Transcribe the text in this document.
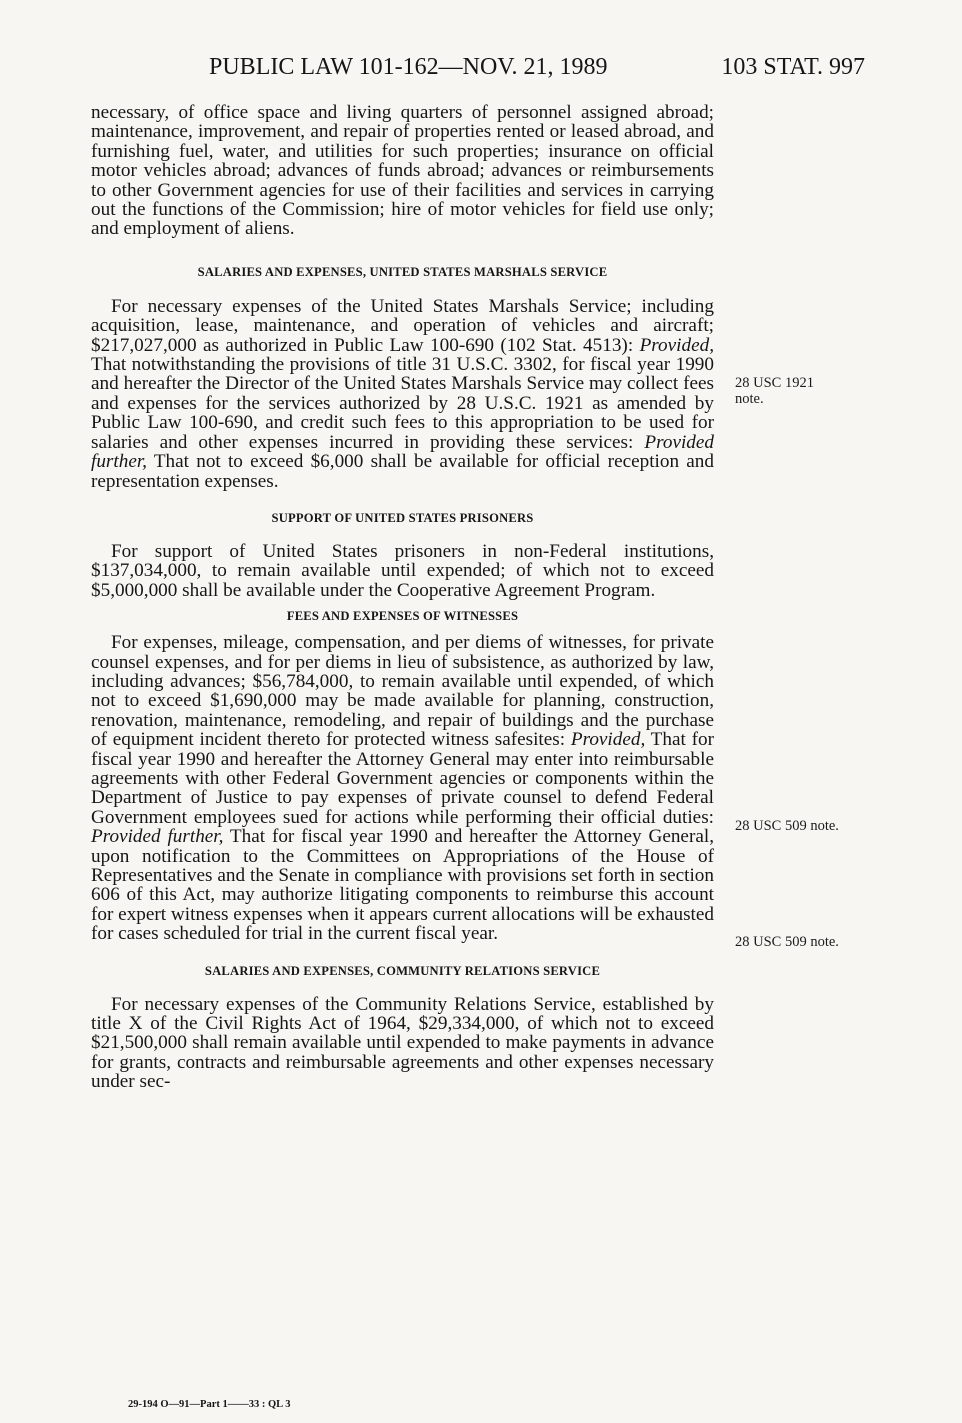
PUBLIC LAW 101-162—NOV. 21, 1989	103 STAT. 997

necessary, of office space and living quarters of personnel assigned abroad; maintenance, improvement, and repair of properties rented or leased abroad, and furnishing fuel, water, and utilities for such properties; insurance on official motor vehicles abroad; advances of funds abroad; advances or reimbursements to other Government agencies for use of their facilities and services in carrying out the functions of the Commission; hire of motor vehicles for field use only; and employment of aliens.

SALARIES AND EXPENSES, UNITED STATES MARSHALS SERVICE

For necessary expenses of the United States Marshals Service; including acquisition, lease, maintenance, and operation of vehicles and aircraft; $217,027,000 as authorized in Public Law 100-690 (102 Stat. 4513): Provided, That notwithstanding the provisions of title 31 U.S.C. 3302, for fiscal year 1990 and hereafter the Director of the United States Marshals Service may collect fees and expenses for the services authorized by 28 U.S.C. 1921 as amended by Public Law 100-690, and credit such fees to this appropriation to be used for salaries and other expenses incurred in providing these services: Provided further, That not to exceed $6,000 shall be available for official reception and representation expenses.

SUPPORT OF UNITED STATES PRISONERS

For support of United States prisoners in non-Federal institutions, $137,034,000, to remain available until expended; of which not to exceed $5,000,000 shall be available under the Cooperative Agreement Program.

FEES AND EXPENSES OF WITNESSES

For expenses, mileage, compensation, and per diems of witnesses, for private counsel expenses, and for per diems in lieu of subsistence, as authorized by law, including advances; $56,784,000, to remain available until expended, of which not to exceed $1,690,000 may be made available for planning, construction, renovation, maintenance, remodeling, and repair of buildings and the purchase of equipment incident thereto for protected witness safesites: Provided, That for fiscal year 1990 and hereafter the Attorney General may enter into reimbursable agreements with other Federal Government agencies or components within the Department of Justice to pay expenses of private counsel to defend Federal Government employees sued for actions while performing their official duties: Provided further, That for fiscal year 1990 and hereafter the Attorney General, upon notification to the Committees on Appropriations of the House of Representatives and the Senate in compliance with provisions set forth in section 606 of this Act, may authorize litigating components to reimburse this account for expert witness expenses when it appears current allocations will be exhausted for cases scheduled for trial in the current fiscal year.

SALARIES AND EXPENSES, COMMUNITY RELATIONS SERVICE

For necessary expenses of the Community Relations Service, established by title X of the Civil Rights Act of 1964, $29,334,000, of which not to exceed $21,500,000 shall remain available until expended to make payments in advance for grants, contracts and reimbursable agreements and other expenses necessary under sec-

28 USC 1921
note.
28 USC 509 note.
28 USC 509 note.
29-194 O—91—Part 1——33 : QL 3
